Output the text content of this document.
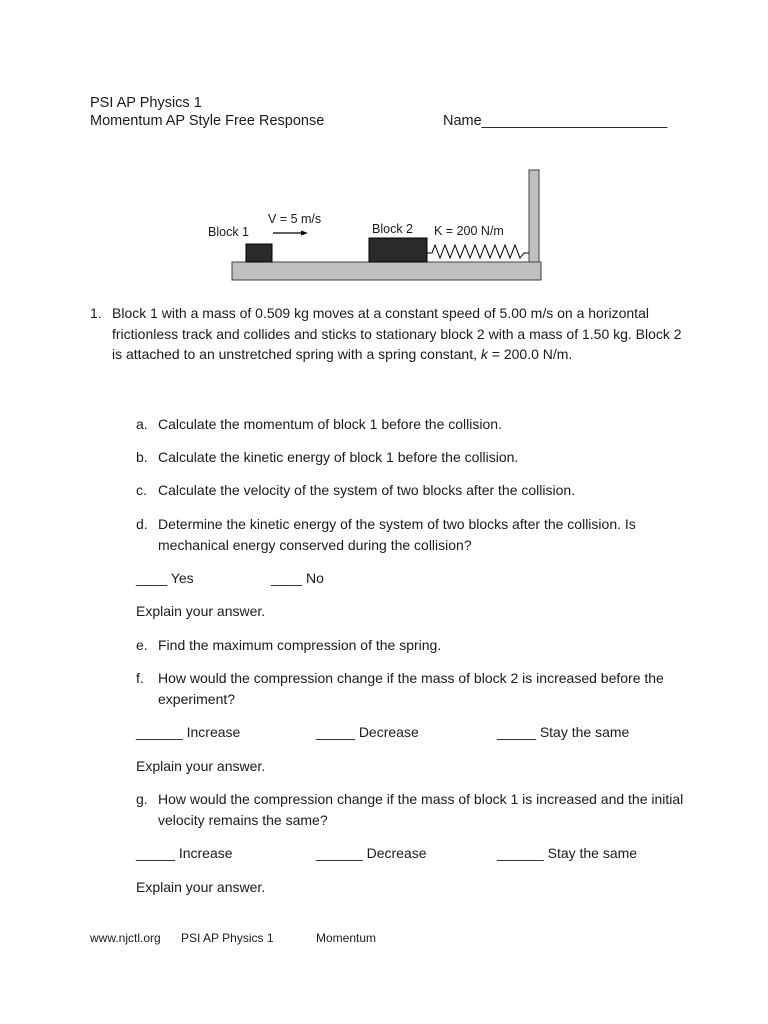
PSI AP Physics 1
Momentum AP Style Free Response	Name_______________________
Block 1
V = 5 m/s
Block 2 K = 200 N/m
1. Block 1 with a mass of 0.509 kg moves at a constant speed of 5.00 m/s on a horizontal frictionless track and collides and sticks to stationary block 2 with a mass of 1.50 kg. Block 2 is attached to an unstretched spring with a spring constant, k = 200.0 N/m.
a. Calculate the momentum of block 1 before the collision.
b. Calculate the kinetic energy of block 1 before the collision.
c. Calculate the velocity of the system of two blocks after the collision.
d. Determine the kinetic energy of the system of two blocks after the collision. Is mechanical energy conserved during the collision?
____ Yes	____ No
Explain your answer.
e. Find the maximum compression of the spring.
f. How would the compression change if the mass of block 2 is increased before the experiment?
______ Increase	_____ Decrease	_____ Stay the same
Explain your answer.
g. How would the compression change if the mass of block 1 is increased and the initial velocity remains the same?
_____ Increase	______ Decrease	______ Stay the same
Explain your answer.
www.njctl.org PSI AP Physics 1	Momentum
